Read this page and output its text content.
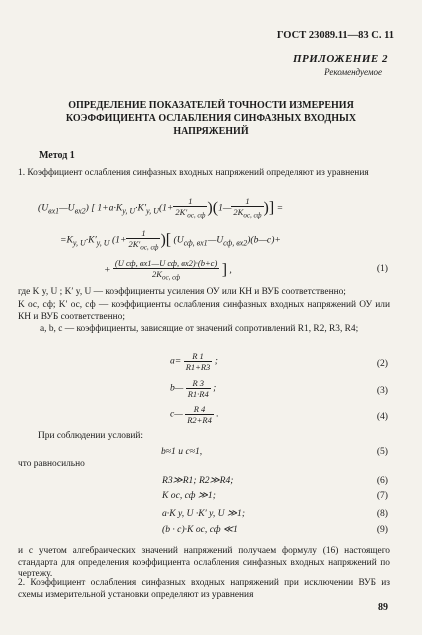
ГОСТ 23089.11—83 С. 11
ПРИЛОЖЕНИЕ 2
Рекомендуемое
ОПРЕДЕЛЕНИЕ ПОКАЗАТЕЛЕЙ ТОЧНОСТИ ИЗМЕРЕНИЯ КОЭФФИЦИЕНТА ОСЛАБЛЕНИЯ СИНФАЗНЫХ ВХОДНЫХ НАПРЯЖЕНИЙ
Метод 1
1. Коэффициент ослабления синфазных входных напряжений определяют из уравнения
$(U_{вх1}—U_{вх2})$ [ $1+a\cdot K_{y, U}\cdot K'_{y, U}(1+ \frac{1}{2K'_{ос, сф}}$ )(1— $\frac{1}{2K_{ос, сф}}$ )] =
$=K_{y, U}\cdot K'_{y, U}$ ($1+ \frac{1}{2K'_{ос, сф}}$ )[ $(U_{сф, вх1}—U_{сф, вх2})(b—c)+$
+ $\frac{\text{(U сф, вх1—U сф, вх2)·(b+c)}}{2K_{ос, сф}}$ ] ,	(1)
где K y, U ; K′ y, U — коэффициенты усиления ОУ или КН и ВУБ соответственно;
K ос, сф; K′ ос, сф — коэффициенты ослабления синфазных входных напряжений ОУ или КН и ВУБ соответственно;
a, b, c — коэффициенты, зависящие от значений сопротивлений R1, R2, R3, R4;
$a= \frac{R 1}{R1+R3}$ ;	(2)
b— $\frac{R 3}{R1\cdot R4}$ ;	(3)
c— $\frac{R 4}{R2+R4}$ .	(4)
При соблюдении условий:
b≈1 и c≈1,	(5)
что равносильно
R3≫R1; R2≫R4;	(6)
K ос, сф ≫1;	(7)
a·K y, U ·K′ y, U ≫1;	(8)
(b · c)·K ос, сф ≪1	(9)
и с учетом алгебраических значений напряжений получаем формулу (16) настоящего стандарта для определения коэффициента ослабления синфазных входных напряжений по чертежу.
2. Коэффициент ослабления синфазных входных напряжений при исключении ВУБ из схемы измерительной установки определяют из уравнения
89
